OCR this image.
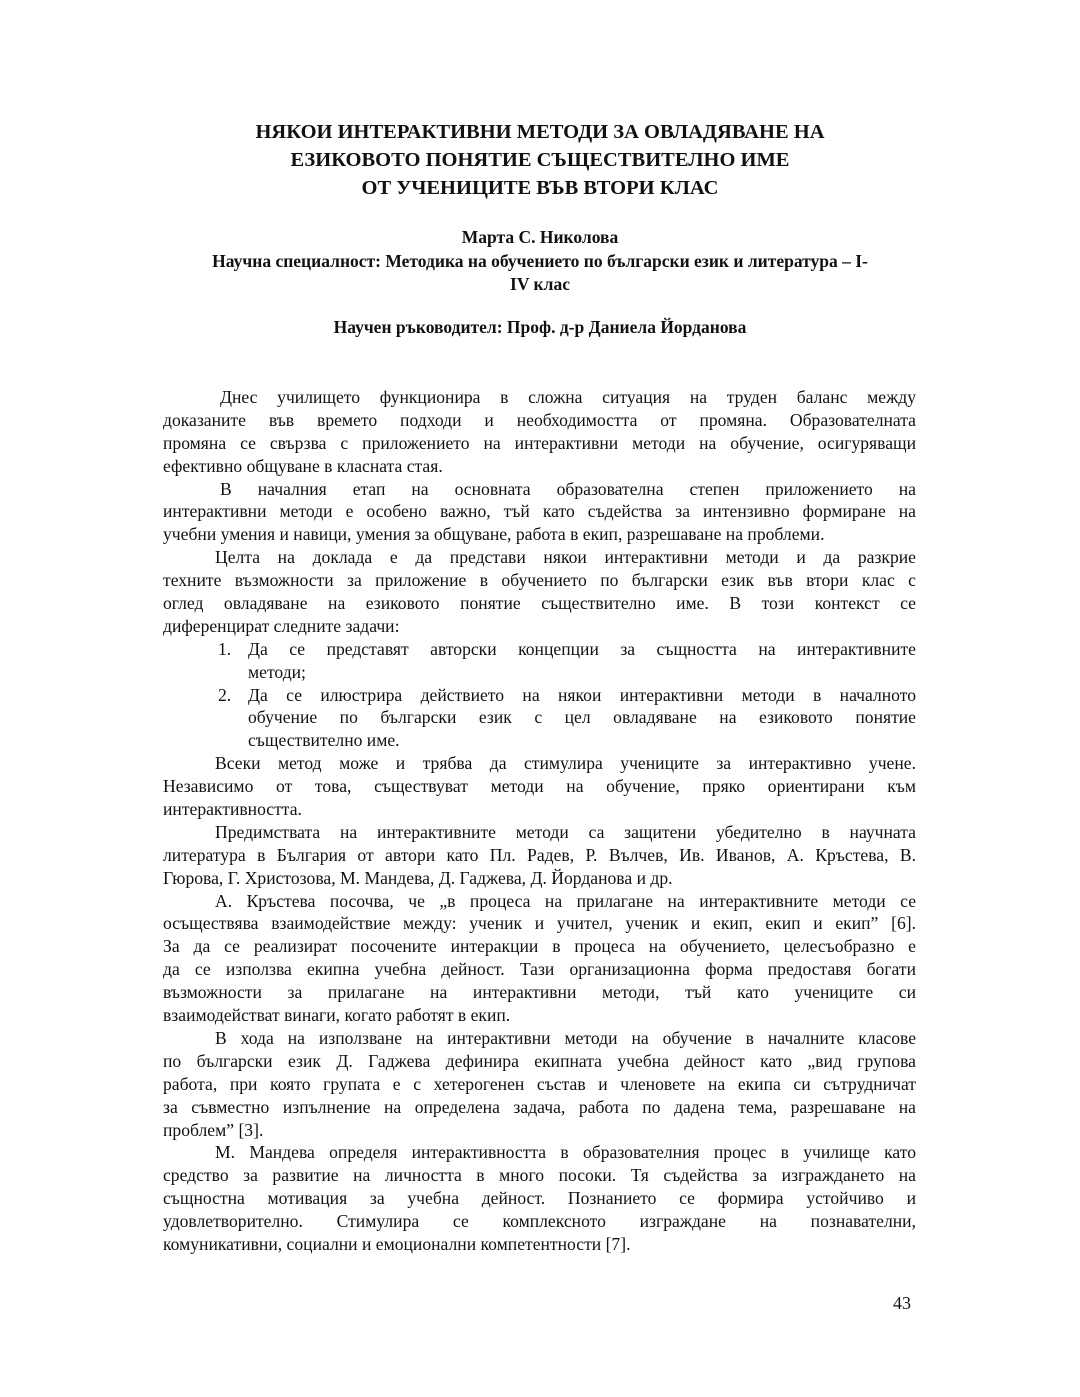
НЯКОИ ИНТЕРАКТИВНИ МЕТОДИ ЗА ОВЛАДЯВАНЕ НА
ЕЗИКОВОТО ПОНЯТИЕ СЪЩЕСТВИТЕЛНО ИМЕ
ОТ УЧЕНИЦИТЕ ВЪВ ВТОРИ КЛАС
Марта С. Николова
Научна специалност: Методика на обучението по български език и литература – I-
IV клас
Научен ръководител: Проф. д-р Даниела Йорданова
Днес училището функционира в сложна ситуация на труден баланс между
доказаните във времето подходи и необходимостта от промяна. Образователната
промяна се свързва с приложението на интерактивни методи на обучение, осигуряващи
ефективно общуване в класната стая.
В началния етап на основната образователна степен приложението на
интерактивни методи е особено важно, тъй като съдейства за интензивно формиране на
учебни умения и навици, умения за общуване, работа в екип, разрешаване на проблеми.
Целта на доклада е да представи някои интерактивни методи и да разкрие
техните възможности за приложение в обучението по български език във втори клас с
оглед овладяване на езиковото понятие съществително име. В този контекст се
диференцират следните задачи:
1. Да се представят авторски концепции за същността на интерактивните
методи;
2. Да се илюстрира действието на някои интерактивни методи в началното
обучение по български език с цел овладяване на езиковото понятие
съществително име.
Всеки метод може и трябва да стимулира учениците за интерактивно учене.
Независимо от това, съществуват методи на обучение, пряко ориентирани към
интерактивността.
Предимствата на интерактивните методи са защитени убедително в научната
литература в България от автори като Пл. Радев, Р. Вълчев, Ив. Иванов, А. Кръстева, В.
Гюрова, Г. Христозова, М. Мандева, Д. Гаджева, Д. Йорданова и др.
А. Кръстева посочва, че „в процеса на прилагане на интерактивните методи се
осъществява взаимодействие между: ученик и учител, ученик и екип, екип и екип” [6].
За да се реализират посочените интеракции в процеса на обучението, целесъобразно е
да се използва екипна учебна дейност. Тази организационна форма предоставя богати
възможности за прилагане на интерактивни методи, тъй като учениците си
взаимодействат винаги, когато работят в екип.
В хода на използване на интерактивни методи на обучение в началните класове
по български език Д. Гаджева дефинира екипната учебна дейност като „вид групова
работа, при която групата е с хетерогенен състав и членовете на екипа си сътрудничат
за съвместно изпълнение на определена задача, работа по дадена тема, разрешаване на
проблем” [3].
М. Мандева определя интерактивността в образователния процес в училище като
средство за развитие на личността в много посоки. Тя съдейства за изграждането на
същностна мотивация за учебна дейност. Познанието се формира устойчиво и
удовлетворително. Стимулира се комплексното изграждане на познавателни,
комуникативни, социални и емоционални компетентности [7].
43
